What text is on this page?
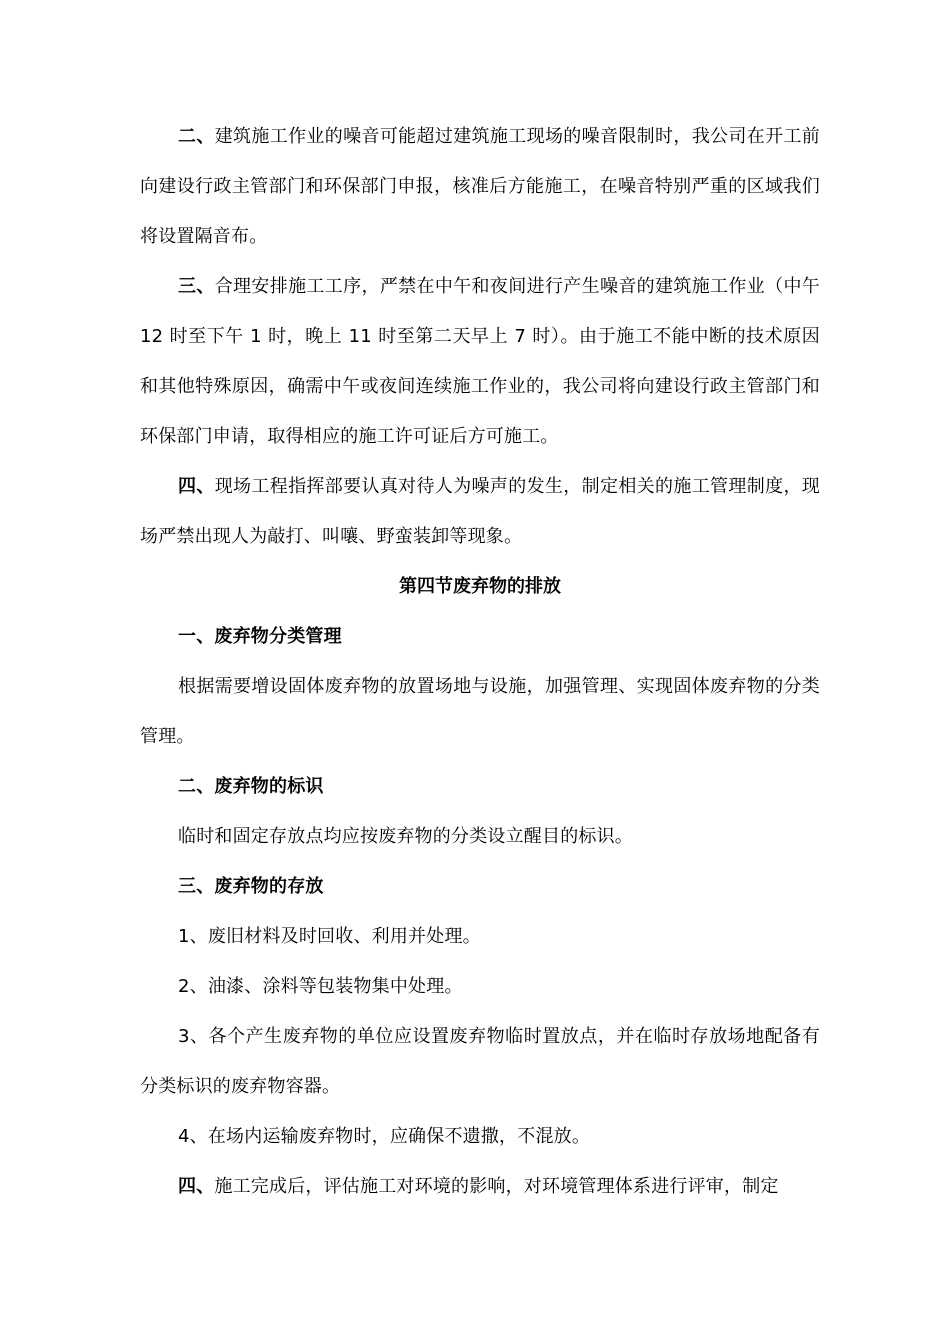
二、建筑施工作业的噪音可能超过建筑施工现场的噪音限制时，我公司在开工前向建设行政主管部门和环保部门申报，核准后方能施工，在噪音特别严重的区域我们将设置隔音布。

三、合理安排施工工序，严禁在中午和夜间进行产生噪音的建筑施工作业（中午 12 时至下午 1 时，晚上 11 时至第二天早上 7 时）。由于施工不能中断的技术原因和其他特殊原因，确需中午或夜间连续施工作业的，我公司将向建设行政主管部门和环保部门申请，取得相应的施工许可证后方可施工。

四、现场工程指挥部要认真对待人为噪声的发生，制定相关的施工管理制度，现场严禁出现人为敲打、叫嚷、野蛮装卸等现象。

第四节废弃物的排放

一、废弃物分类管理

根据需要增设固体废弃物的放置场地与设施，加强管理、实现固体废弃物的分类管理。

二、废弃物的标识

临时和固定存放点均应按废弃物的分类设立醒目的标识。

三、废弃物的存放

1、废旧材料及时回收、利用并处理。

2、油漆、涂料等包装物集中处理。

3、各个产生废弃物的单位应设置废弃物临时置放点，并在临时存放场地配备有分类标识的废弃物容器。

4、在场内运输废弃物时，应确保不遗撒，不混放。

四、施工完成后，评估施工对环境的影响，对环境管理体系进行评审，制定
